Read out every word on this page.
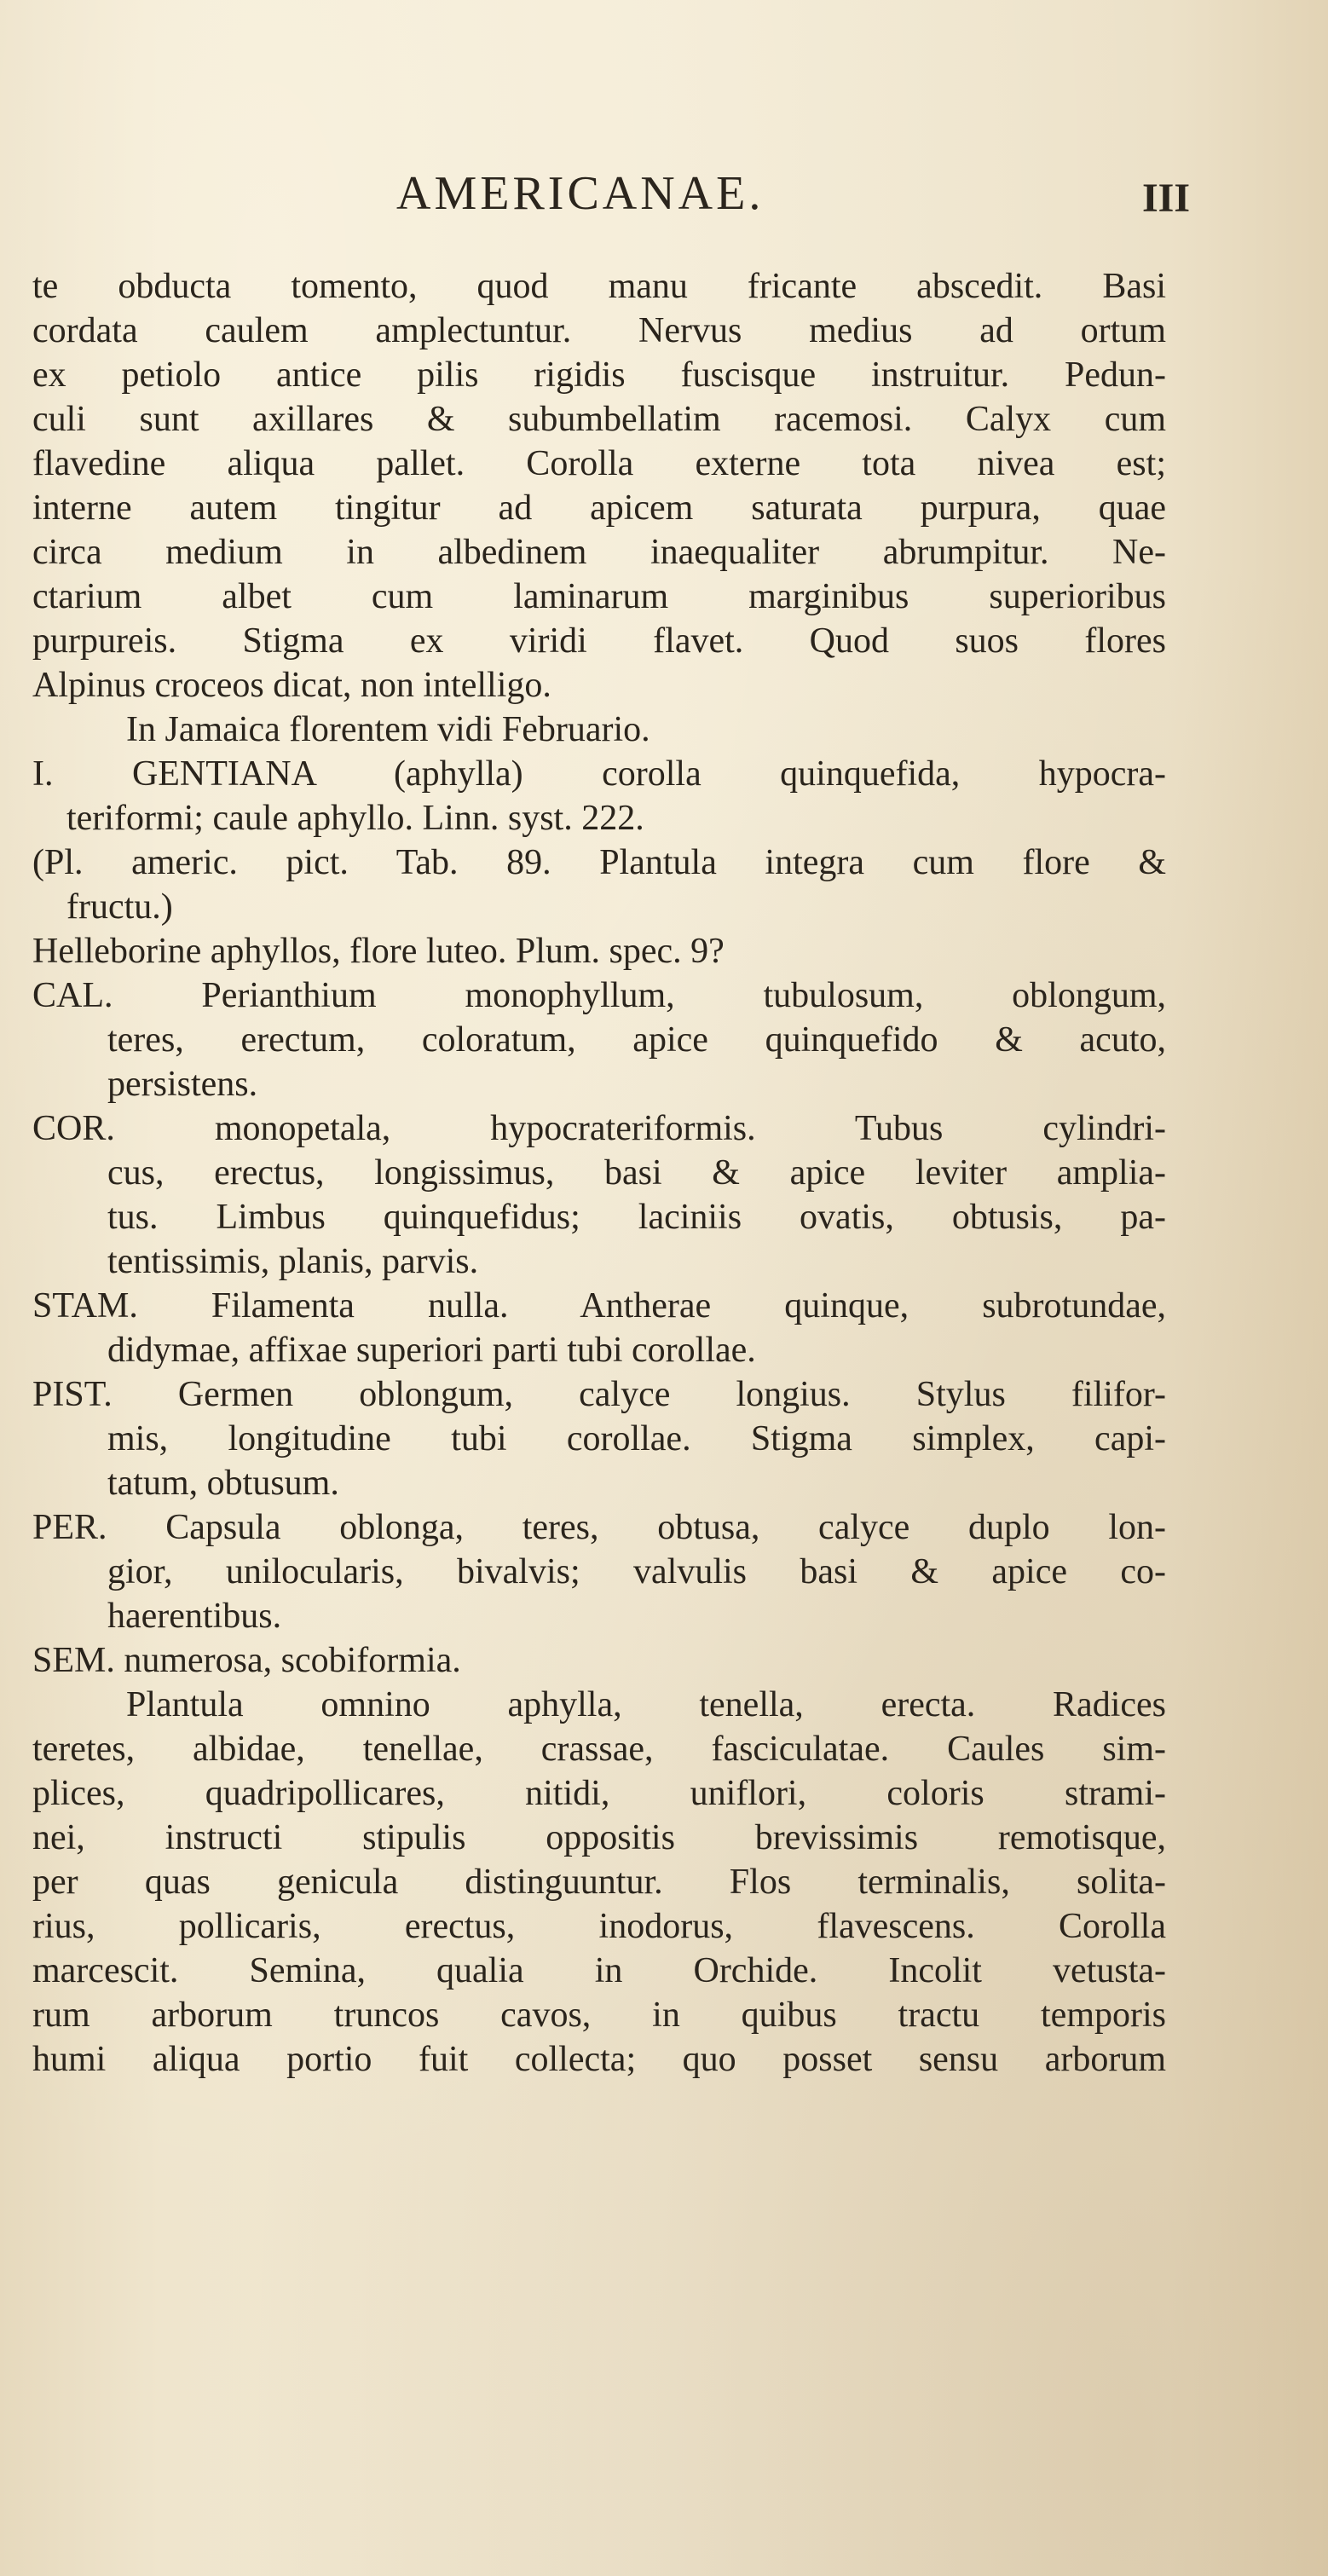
AMERICANAE.	III
te obducta tomento, quod manu fricante abscedit. Basi
cordata caulem amplectuntur. Nervus medius ad ortum
ex petiolo antice pilis rigidis fuscisque instruitur. Pedun-
culi sunt axillares & subumbellatim racemosi. Calyx cum
flavedine aliqua pallet. Corolla externe tota nivea est;
interne autem tingitur ad apicem saturata purpura, quae
circa medium in albedinem inaequaliter abrumpitur. Ne-
ctarium albet cum laminarum marginibus superioribus
purpureis. Stigma ex viridi flavet. Quod suos flores
Alpinus croceos dicat, non intelligo.
In Jamaica florentem vidi Februario.
I. GENTIANA (aphylla) corolla quinquefida, hypocra-
teriformi; caule aphyllo. Linn. syst. 222.
(Pl. americ. pict. Tab. 89. Plantula integra cum flore &
fructu.)
Helleborine aphyllos, flore luteo. Plum. spec. 9?
CAL. Perianthium monophyllum, tubulosum, oblongum,
teres, erectum, coloratum, apice quinquefido & acuto,
persistens.
COR. monopetala, hypocrateriformis. Tubus cylindri-
cus, erectus, longissimus, basi & apice leviter amplia-
tus. Limbus quinquefidus; laciniis ovatis, obtusis, pa-
tentissimis, planis, parvis.
STAM. Filamenta nulla. Antherae quinque, subrotundae,
didymae, affixae superiori parti tubi corollae.
PIST. Germen oblongum, calyce longius. Stylus filifor-
mis, longitudine tubi corollae. Stigma simplex, capi-
tatum, obtusum.
PER. Capsula oblonga, teres, obtusa, calyce duplo lon-
gior, unilocularis, bivalvis; valvulis basi & apice co-
haerentibus.
SEM. numerosa, scobiformia.
Plantula omnino aphylla, tenella, erecta. Radices
teretes, albidae, tenellae, crassae, fasciculatae. Caules sim-
plices, quadripollicares, nitidi, uniflori, coloris strami-
nei, instructi stipulis oppositis brevissimis remotisque,
per quas genicula distinguuntur. Flos terminalis, solita-
rius, pollicaris, erectus, inodorus, flavescens. Corolla
marcescit. Semina, qualia in Orchide. Incolit vetusta-
rum arborum truncos cavos, in quibus tractu temporis
humi aliqua portio fuit collecta; quo posset sensu arborum
